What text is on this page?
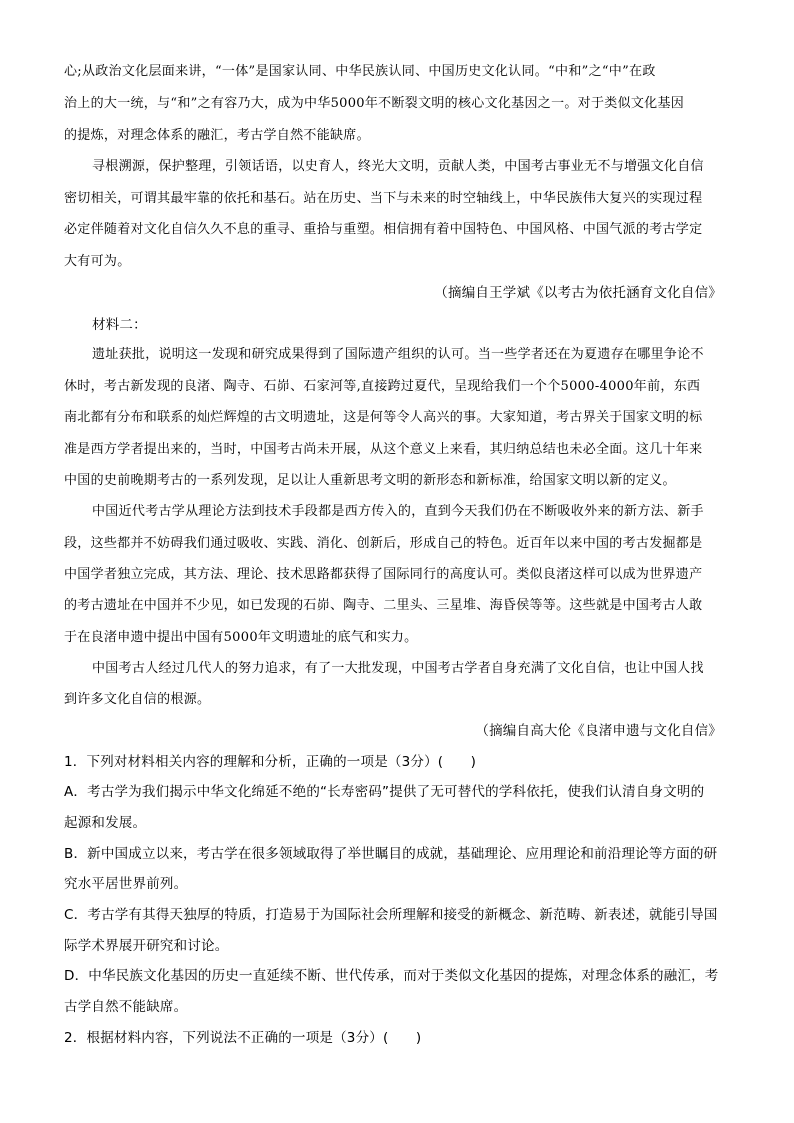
心;从政治文化层面来讲，“一体”是国家认同、中华民族认同、中国历史文化认同。“中和”之“中”在政
治上的大一统，与“和”之有容乃大，成为中华5000年不断裂文明的核心文化基因之一。对于类似文化基因
的提炼，对理念体系的融汇，考古学自然不能缺席。
寻根溯源，保护整理，引领话语，以史育人，终光大文明，贡献人类，中国考古事业无不与增强文化自信
密切相关，可谓其最牢靠的依托和基石。站在历史、当下与未来的时空轴线上，中华民族伟大复兴的实现过程
必定伴随着对文化自信久久不息的重寻、重拾与重塑。相信拥有着中国特色、中国风格、中国气派的考古学定
大有可为。
（摘编自王学斌《以考古为依托涵育文化自信》
材料二：
遗址获批，说明这一发现和研究成果得到了国际遗产组织的认可。当一些学者还在为夏遗存在哪里争论不
休时，考古新发现的良渚、陶寺、石峁、石家河等,直接跨过夏代，呈现给我们一个个5000-4000年前，东西
南北都有分布和联系的灿烂辉煌的古文明遗址，这是何等令人高兴的事。大家知道，考古界关于国家文明的标
准是西方学者提出来的，当时，中国考古尚未开展，从这个意义上来看，其归纳总结也未必全面。这几十年来
中国的史前晚期考古的一系列发现，足以让人重新思考文明的新形态和新标准，给国家文明以新的定义。
中国近代考古学从理论方法到技术手段都是西方传入的，直到今天我们仍在不断吸收外来的新方法、新手
段，这些都并不妨碍我们通过吸收、实践、消化、创新后，形成自己的特色。近百年以来中国的考古发掘都是
中国学者独立完成，其方法、理论、技术思路都获得了国际同行的高度认可。类似良渚这样可以成为世界遗产
的考古遗址在中国并不少见，如已发现的石峁、陶寺、二里头、三星堆、海昏侯等等。这些就是中国考古人敢
于在良渚申遗中提出中国有5000年文明遗址的底气和实力。
中国考古人经过几代人的努力追求，有了一大批发现，中国考古学者自身充满了文化自信，也让中国人找
到许多文化自信的根源。
（摘编自高大伦《良渚申遗与文化自信》
1．下列对材料相关内容的理解和分析，正确的一项是（3分）(　　)
A．考古学为我们揭示中华文化绵延不绝的“长寿密码”提供了无可替代的学科依托，使我们认清自身文明的
起源和发展。
B．新中国成立以来，考古学在很多领域取得了举世瞩目的成就，基础理论、应用理论和前沿理论等方面的研
究水平居世界前列。
C．考古学有其得天独厚的特质，打造易于为国际社会所理解和接受的新概念、新范畴、新表述，就能引导国
际学术界展开研究和讨论。
D．中华民族文化基因的历史一直延续不断、世代传承，而对于类似文化基因的提炼，对理念体系的融汇，考
古学自然不能缺席。
2．根据材料内容，下列说法不正确的一项是（3分）(　　)
